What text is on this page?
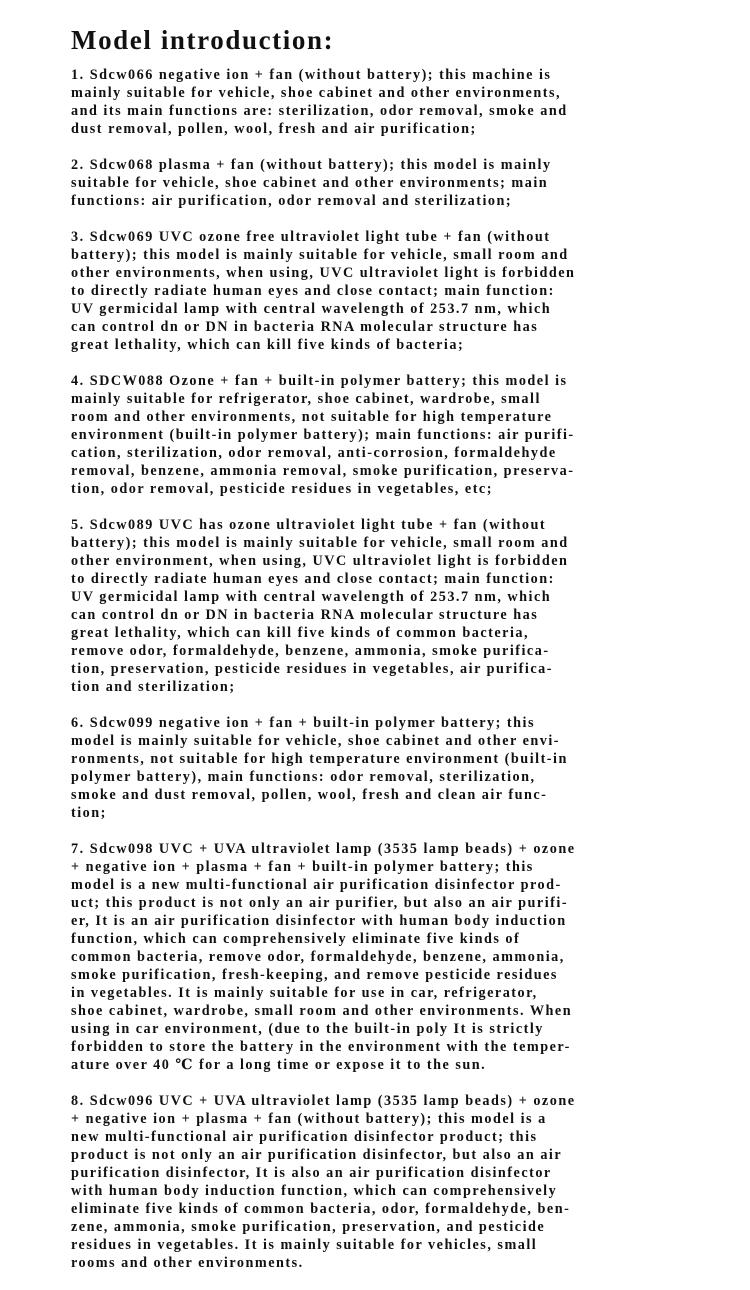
Model introduction:

1. Sdcw066 negative ion + fan (without battery); this machine is
mainly suitable for vehicle, shoe cabinet and other environments,
and its main functions are: sterilization, odor removal, smoke and
dust removal, pollen, wool, fresh and air purification;

2. Sdcw068 plasma + fan (without battery); this model is mainly
suitable for vehicle, shoe cabinet and other environments; main
functions: air purification, odor removal and sterilization;

3. Sdcw069 UVC ozone free ultraviolet light tube + fan (without
battery); this model is mainly suitable for vehicle, small room and
other environments, when using, UVC ultraviolet light is forbidden
to directly radiate human eyes and close contact; main function:
UV germicidal lamp with central wavelength of 253.7 nm, which
can control dn or DN in bacteria RNA molecular structure has
great lethality, which can kill five kinds of bacteria;

4. SDCW088 Ozone + fan + built-in polymer battery; this model is
mainly suitable for refrigerator, shoe cabinet, wardrobe, small
room and other environments, not suitable for high temperature
environment (built-in polymer battery); main functions: air purifi-
cation, sterilization, odor removal, anti-corrosion, formaldehyde
removal, benzene, ammonia removal, smoke purification, preserva-
tion, odor removal, pesticide residues in vegetables, etc;

5. Sdcw089 UVC has ozone ultraviolet light tube + fan (without
battery); this model is mainly suitable for vehicle, small room and
other environment, when using, UVC ultraviolet light is forbidden
to directly radiate human eyes and close contact; main function:
UV germicidal lamp with central wavelength of 253.7 nm, which
can control dn or DN in bacteria RNA molecular structure has
great lethality, which can kill five kinds of common bacteria,
remove odor, formaldehyde, benzene, ammonia, smoke purifica-
tion, preservation, pesticide residues in vegetables, air purifica-
tion and sterilization;

6. Sdcw099 negative ion + fan + built-in polymer battery; this
model is mainly suitable for vehicle, shoe cabinet and other envi-
ronments, not suitable for high temperature environment (built-in
polymer battery), main functions: odor removal, sterilization,
smoke and dust removal, pollen, wool, fresh and clean air func-
tion;

7. Sdcw098 UVC + UVA ultraviolet lamp (3535 lamp beads) + ozone
+ negative ion + plasma + fan + built-in polymer battery; this
model is a new multi-functional air purification disinfector prod-
uct; this product is not only an air purifier, but also an air purifi-
er, It is an air purification disinfector with human body induction
function, which can comprehensively eliminate five kinds of
common bacteria, remove odor, formaldehyde, benzene, ammonia,
smoke purification, fresh-keeping, and remove pesticide residues
in vegetables. It is mainly suitable for use in car, refrigerator,
shoe cabinet, wardrobe, small room and other environments. When
using in car environment, (due to the built-in poly It is strictly
forbidden to store the battery in the environment with the temper-
ature over 40 ℃ for a long time or expose it to the sun.

8. Sdcw096 UVC + UVA ultraviolet lamp (3535 lamp beads) + ozone
+ negative ion + plasma + fan (without battery); this model is a
new multi-functional air purification disinfector product; this
product is not only an air purification disinfector, but also an air
purification disinfector, It is also an air purification disinfector
with human body induction function, which can comprehensively
eliminate five kinds of common bacteria, odor, formaldehyde, ben-
zene, ammonia, smoke purification, preservation, and pesticide
residues in vegetables. It is mainly suitable for vehicles, small
rooms and other environments.
